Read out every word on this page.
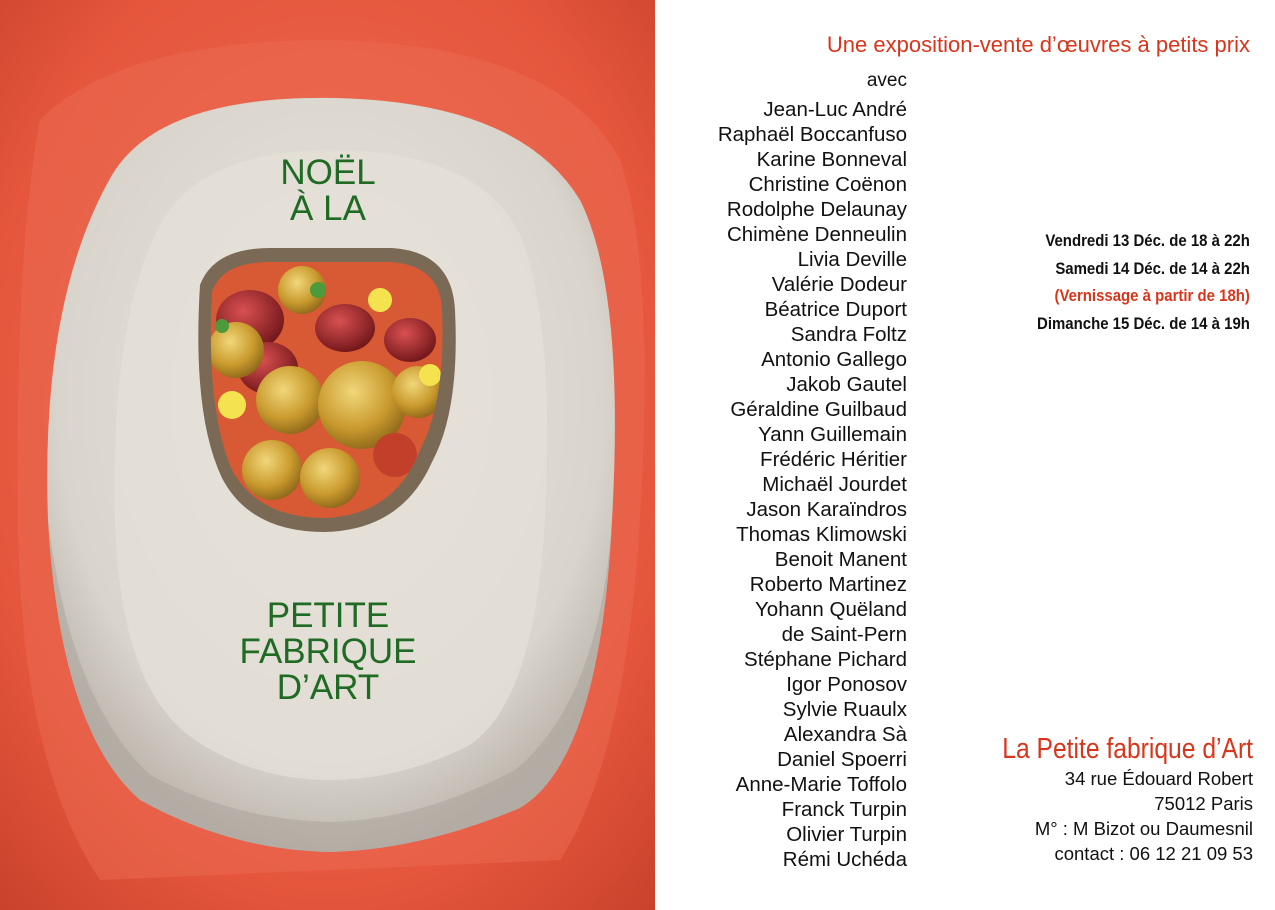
NOËL
À LA
PETITE
FABRIQUE
D’ART
Une exposition-vente d’œuvres à petits prix
avec
Jean-Luc André
Raphaël Boccanfuso
Karine Bonneval
Christine Coënon
Rodolphe Delaunay
Chimène Denneulin
Livia Deville
Valérie Dodeur
Béatrice Duport
Sandra Foltz
Antonio Gallego
Jakob Gautel
Géraldine Guilbaud
Yann Guillemain
Frédéric Héritier
Michaël Jourdet
Jason Karaïndros
Thomas Klimowski
Benoit Manent
Roberto Martinez
Yohann Quëland
de Saint-Pern
Stéphane Pichard
Igor Ponosov
Sylvie Ruaulx
Alexandra Sà
Daniel Spoerri
Anne-Marie Toffolo
Franck Turpin
Olivier Turpin
Rémi Uchéda
Vendredi 13 Déc. de 18 à 22h
Samedi 14 Déc. de 14 à 22h
(Vernissage à partir de 18h)
Dimanche 15 Déc. de 14 à 19h
La Petite fabrique d’Art
34 rue Édouard Robert
75012 Paris
M° : M Bizot ou Daumesnil
contact : 06 12 21 09 53
